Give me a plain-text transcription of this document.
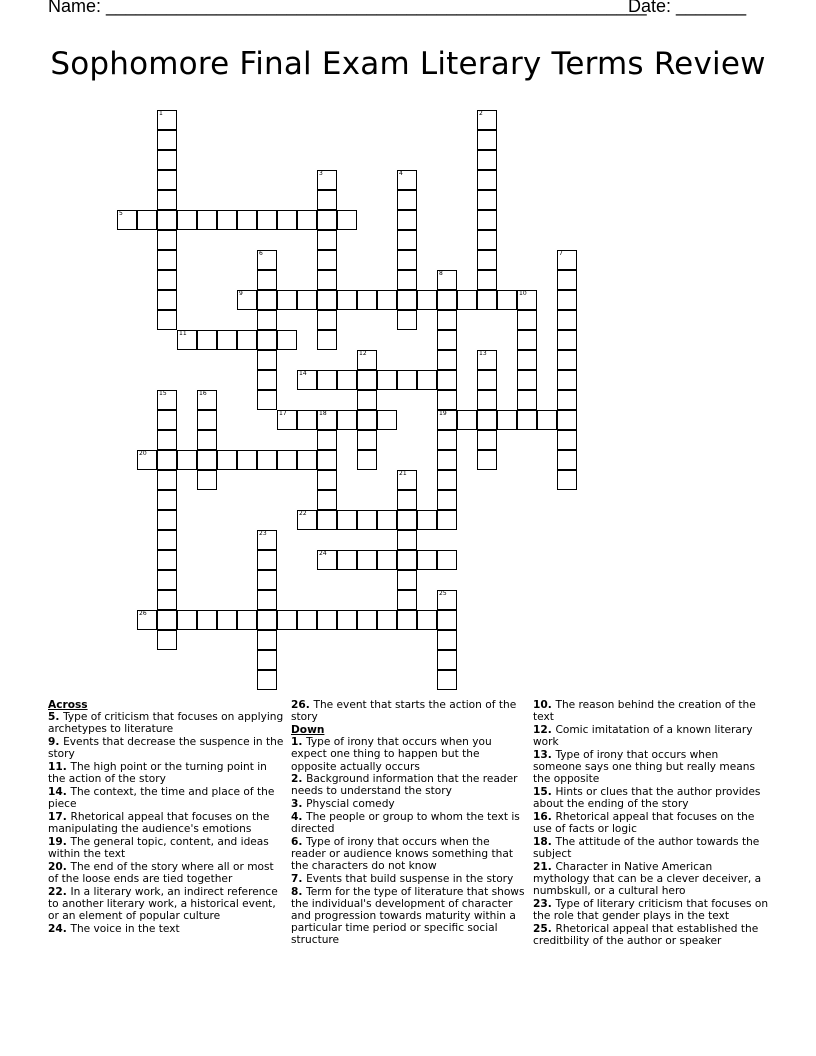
Name: ______________________________________________________
Date: _______
Sophomore Final Exam Literary Terms Review
1	2
3	4
5
6	7
8
19
9	10
11
12	13
14
15	16
17	18
20
21
22
23
24
25
26
Across
5. Type of criticism that focuses on applying archetypes to literature
9. Events that decrease the suspence in the story
11. The high point or the turning point in the action of the story
14. The context, the time and place of the piece
17. Rhetorical appeal that focuses on the manipulating the audience's emotions
19. The general topic, content, and ideas within the text
20. The end of the story where all or most of the loose ends are tied together
22. In a literary work, an indirect reference to another literary work, a historical event, or an element of popular culture
24. The voice in the text
26. The event that starts the action of the story
Down
1. Type of irony that occurs when you expect one thing to happen but the opposite actually occurs
2. Background information that the reader needs to understand the story
3. Physcial comedy
4. The people or group to whom the text is directed
6. Type of irony that occurs when the reader or audience knows something that the characters do not know
7. Events that build suspense in the story
8. Term for the type of literature that shows the individual's development of character and progression towards maturity within a particular time period or specific social structure
10. The reason behind the creation of the text
12. Comic imitatation of a known literary work
13. Type of irony that occurs when someone says one thing but really means the opposite
15. Hints or clues that the author provides about the ending of the story
16. Rhetorical appeal that focuses on the use of facts or logic
18. The attitude of the author towards the subject
21. Character in Native American mythology that can be a clever deceiver, a numbskull, or a cultural hero
23. Type of literary criticism that focuses on the role that gender plays in the text
25. Rhetorical appeal that established the creditbility of the author or speaker
